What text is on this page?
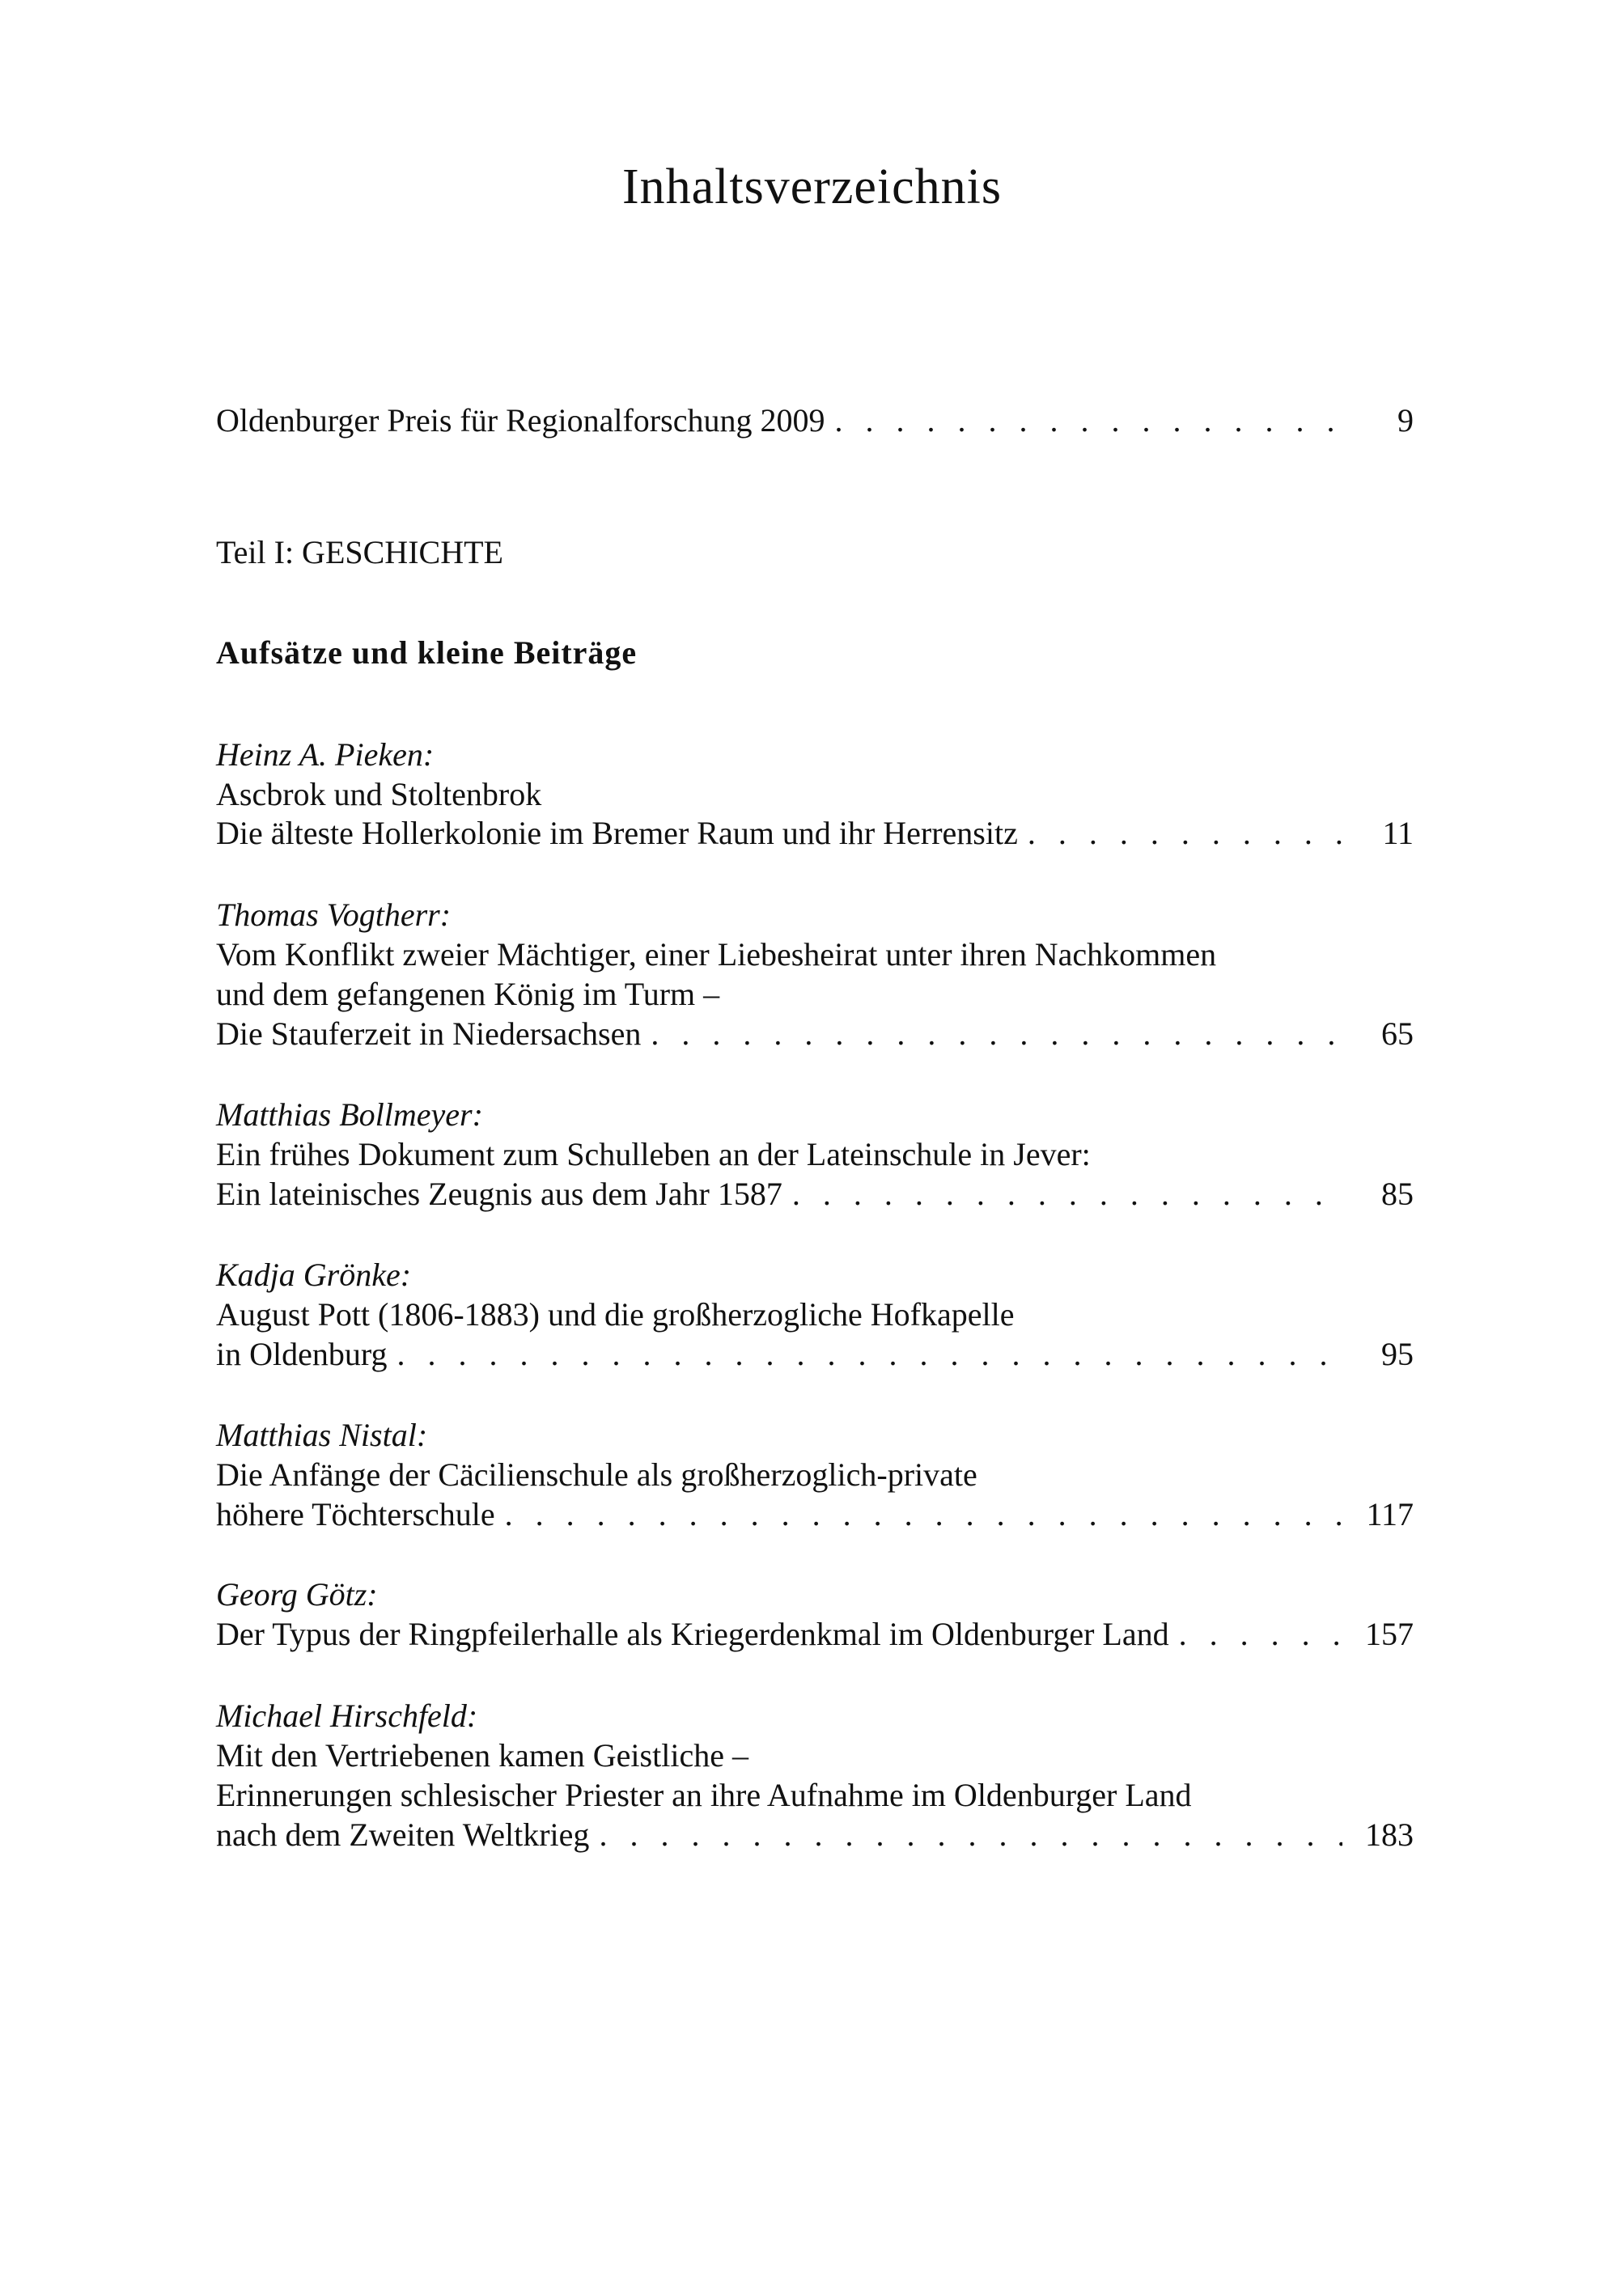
Inhaltsverzeichnis
Oldenburger Preis für Regionalforschung 2009 . . .	9
Teil I: GESCHICHTE
Aufsätze und kleine Beiträge
Heinz A. Pieken:
Ascbrok und Stoltenbrok
Die älteste Hollerkolonie im Bremer Raum und ihr Herrensitz . . .	11
Thomas Vogtherr:
Vom Konflikt zweier Mächtiger, einer Liebesheirat unter ihren Nachkommen
und dem gefangenen König im Turm –
Die Stauferzeit in Niedersachsen . . .	65
Matthias Bollmeyer:
Ein frühes Dokument zum Schulleben an der Lateinschule in Jever:
Ein lateinisches Zeugnis aus dem Jahr 1587 . . .	85
Kadja Grönke:
August Pott (1806-1883) und die großherzogliche Hofkapelle
in Oldenburg . . .	95
Matthias Nistal:
Die Anfänge der Cäcilienschule als großherzoglich-private
höhere Töchterschule . . .	117
Georg Götz:
Der Typus der Ringpfeilerhalle als Kriegerdenkmal im Oldenburger Land . . .	157
Michael Hirschfeld:
Mit den Vertriebenen kamen Geistliche –
Erinnerungen schlesischer Priester an ihre Aufnahme im Oldenburger Land
nach dem Zweiten Weltkrieg . . .	183
